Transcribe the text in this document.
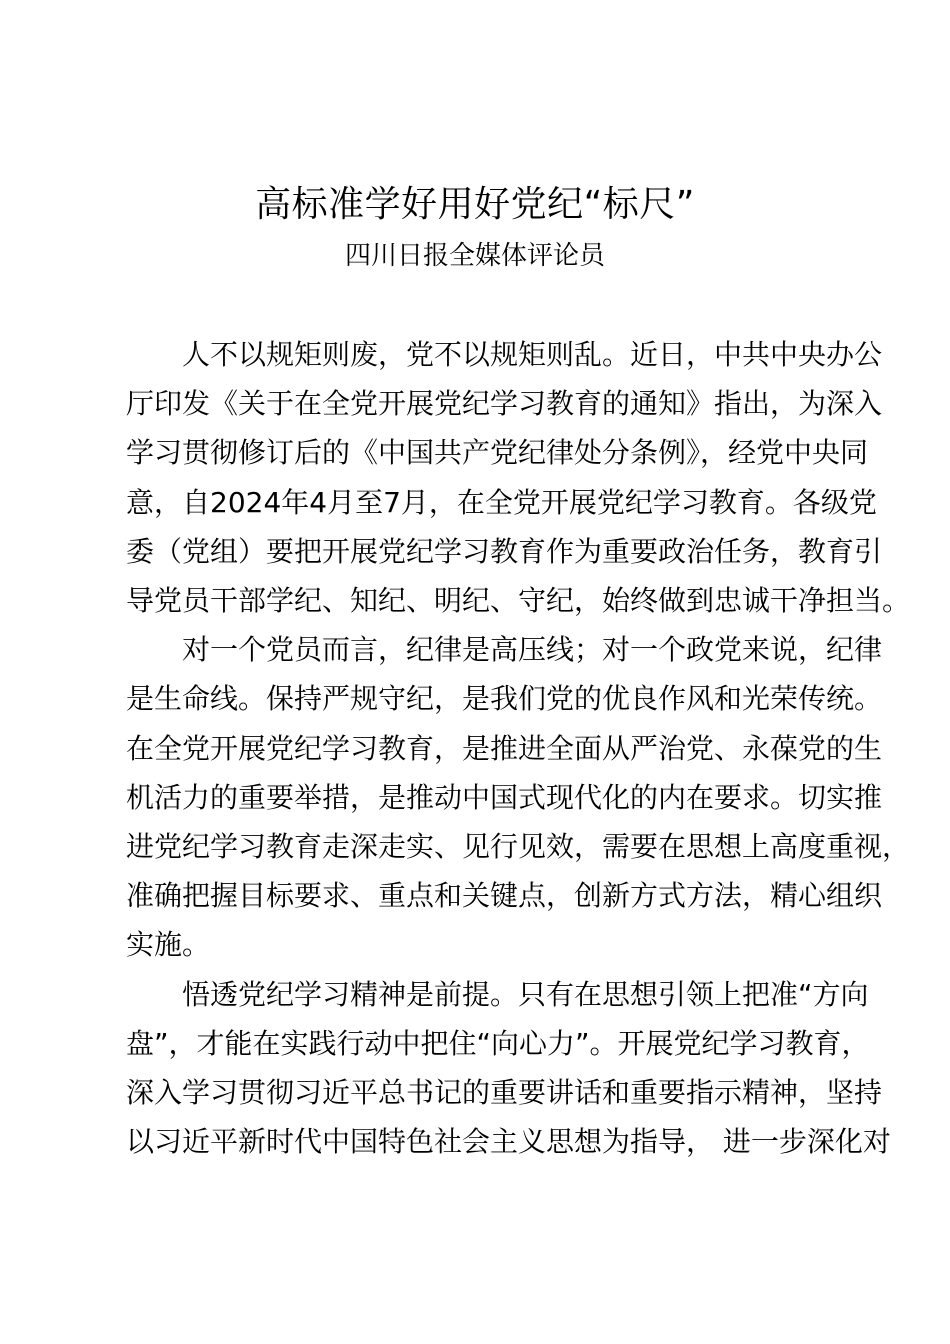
高标准学好用好党纪“标尺”
四川日报全媒体评论员

人不以规矩则废，党不以规矩则乱。近日，中共中央办公
厅印发《关于在全党开展党纪学习教育的通知》指出，为深入
学习贯彻修订后的《中国共产党纪律处分条例》，经党中央同
意，自2024年4月至7月，在全党开展党纪学习教育。各级党
委（党组）要把开展党纪学习教育作为重要政治任务，教育引
导党员干部学纪、知纪、明纪、守纪，始终做到忠诚干净担当。

对一个党员而言，纪律是高压线；对一个政党来说，纪律
是生命线。保持严规守纪，是我们党的优良作风和光荣传统。
在全党开展党纪学习教育，是推进全面从严治党、永葆党的生
机活力的重要举措，是推动中国式现代化的内在要求。切实推
进党纪学习教育走深走实、见行见效，需要在思想上高度重视，
准确把握目标要求、重点和关键点，创新方式方法，精心组织
实施。

悟透党纪学习精神是前提。只有在思想引领上把准“方向
盘”，才能在实践行动中把住“向心力”。开展党纪学习教育，
深入学习贯彻习近平总书记的重要讲话和重要指示精神，坚持
以习近平新时代中国特色社会主义思想为指导， 进一步深化对
